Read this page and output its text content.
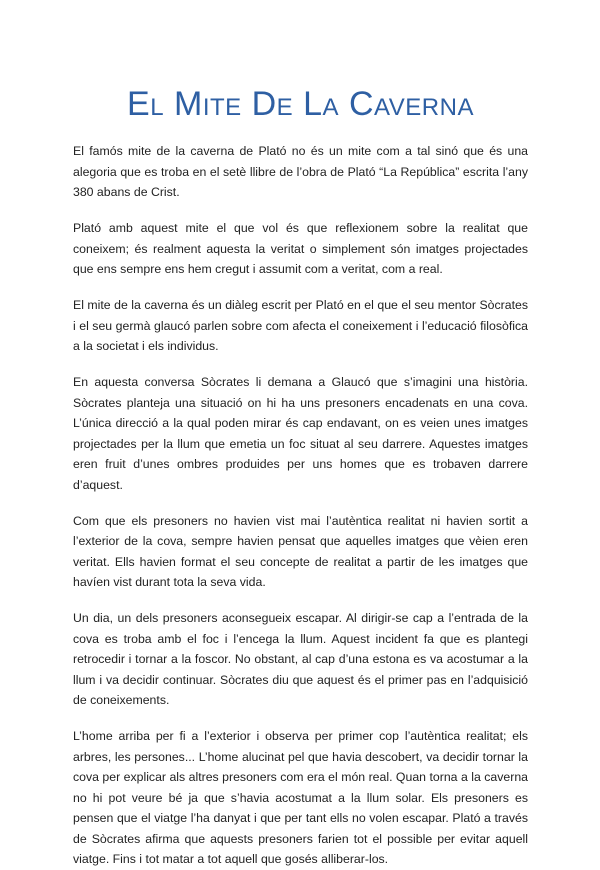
El Mite De La Caverna

El famós mite de la caverna de Plató no és un mite com a tal sinó que és una alegoria que es troba en el setè llibre de l’obra de Plató “La República” escrita l’any 380 abans de Crist.

Plató amb aquest mite el que vol és que reflexionem sobre la realitat que coneixem; és realment aquesta la veritat o simplement són imatges projectades que ens sempre ens hem cregut i assumit com a veritat, com a real.

El mite de la caverna és un diàleg escrit per Plató en el que el seu mentor Sòcrates i el seu germà glaucó parlen sobre com afecta el coneixement i l’educació filosòfica a la societat i els individus.

En aquesta conversa Sòcrates li demana a Glaucó que s’imagini una història. Sòcrates planteja una situació on hi ha uns presoners encadenats en una cova. L’única direcció a la qual poden mirar és cap endavant, on es veien unes imatges projectades per la llum que emetia un foc situat al seu darrere. Aquestes imatges eren fruit d’unes ombres produides per uns homes que es trobaven darrere d’aquest.

Com que els presoners no havien vist mai l’autèntica realitat ni havien sortit a l’exterior de la cova, sempre havien pensat que aquelles imatges que vèien eren veritat. Ells havien format el seu concepte de realitat a partir de les imatges que havíen vist durant tota la seva vida.

Un dia, un dels presoners aconsegueix escapar. Al dirigir-se cap a l’entrada de la cova es troba amb el foc i l’encega la llum. Aquest incident fa que es plantegi retrocedir i tornar a la foscor. No obstant, al cap d’una estona es va acostumar a la llum i va decidir continuar. Sòcrates diu que aquest és el primer pas en l’adquisició de coneixements.

L’home arriba per fi a l’exterior i observa per primer cop l’autèntica realitat; els arbres, les persones... L’home alucinat pel que havia descobert, va decidir tornar la cova per explicar als altres presoners com era el món real. Quan torna a la caverna no hi pot veure bé ja que s’havia acostumat a la llum solar. Els presoners es pensen que el viatge l’ha danyat i que per tant ells no volen escapar. Plató a través de Sòcrates afirma que aquests presoners farien tot el possible per evitar aquell viatge. Fins i tot matar a tot aquell que gosés alliberar-los.
